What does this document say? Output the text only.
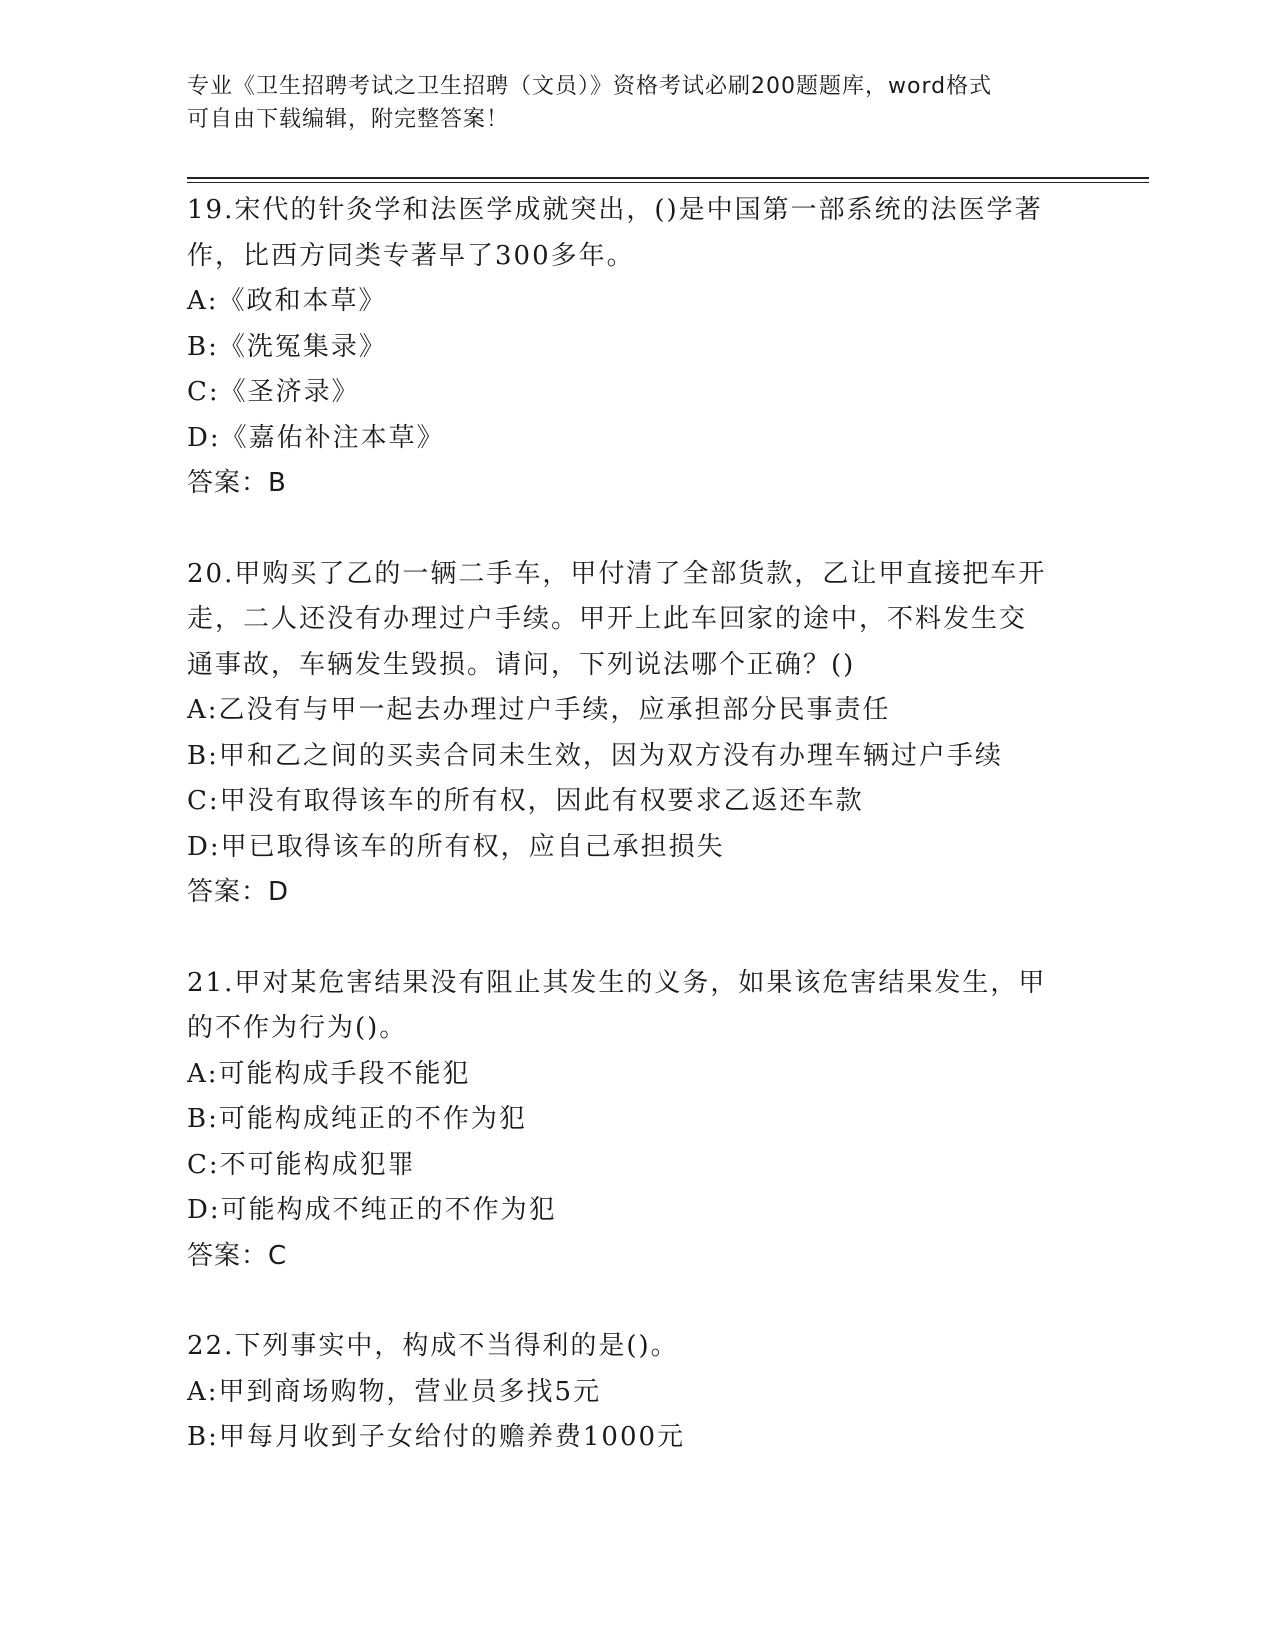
专业《卫生招聘考试之卫生招聘（文员）》资格考试必刷200题题库，word格式
可自由下载编辑，附完整答案！
19.宋代的针灸学和法医学成就突出，()是中国第一部系统的法医学著
作，比西方同类专著早了300多年。
A:《政和本草》
B:《洗冤集录》
C:《圣济录》
D:《嘉佑补注本草》
答案：B
20.甲购买了乙的一辆二手车，甲付清了全部货款，乙让甲直接把车开
走，二人还没有办理过户手续。甲开上此车回家的途中，不料发生交
通事故，车辆发生毁损。请问，下列说法哪个正确？()
A:乙没有与甲一起去办理过户手续，应承担部分民事责任
B:甲和乙之间的买卖合同未生效，因为双方没有办理车辆过户手续
C:甲没有取得该车的所有权，因此有权要求乙返还车款
D:甲已取得该车的所有权，应自己承担损失
答案：D
21.甲对某危害结果没有阻止其发生的义务，如果该危害结果发生，甲
的不作为行为()。
A:可能构成手段不能犯
B:可能构成纯正的不作为犯
C:不可能构成犯罪
D:可能构成不纯正的不作为犯
答案：C
22.下列事实中，构成不当得利的是()。
A:甲到商场购物，营业员多找5元
B:甲每月收到子女给付的赡养费1000元
